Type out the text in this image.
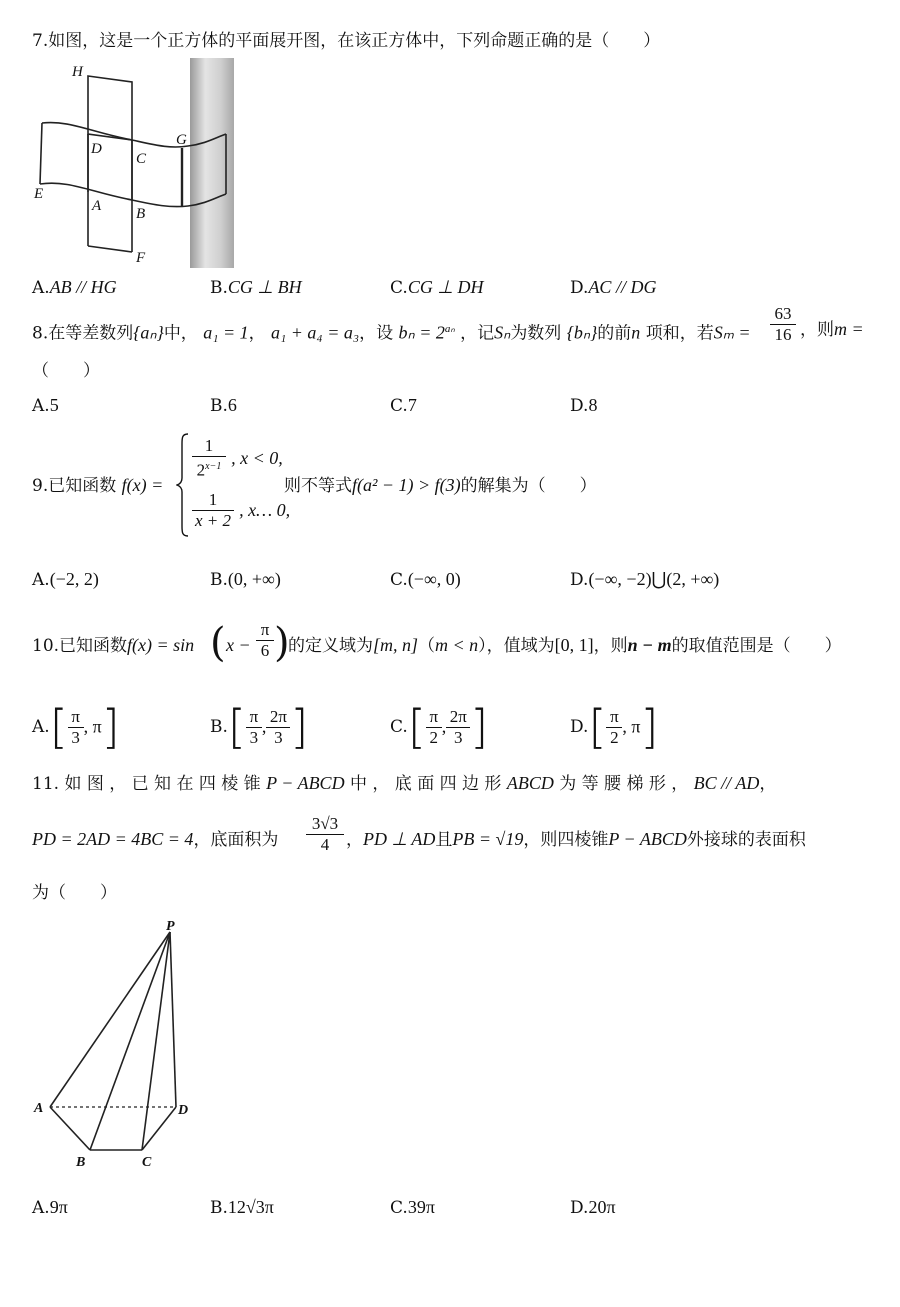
7.如图，这是一个正方体的平面展开图，在该正方体中，下列命题正确的是（　　）
H
D
C
G
E
A B
F
A.AB // HG	B.CG ⊥ BH	C.CG ⊥ DH	D.AC // DG
8.在等差数列{aₙ}中， a₁ = 1， a₁ + a₄ = a₃，设 $b_n = 2^{a_n}$ ，记Sₙ为数列 {bₙ}的前n 项和，若Sₘ =
63
16 ，则m =
（　　）
A.5	B.6	C.7	D.8
9.已知函数 f(x) =
$\frac{1}{2^{x-1}}$ , x < 0,
$\frac{1}{x + 2}$ , x… 0,
则不等式f(a² − 1) > f(3)的解集为（　　）
A.(−2, 2)	B.(0, +∞)	C.(−∞, 0)	D.(−∞, −2)⋃(2, +∞)
10.已知函数f(x) = sin ( x −
π
6 )
的定义域为[m, n]（m < n），值域为[0, 1]，则n − m的取值范围是（　　）
$A.[ \frac{\pi}{3}$ , π]	$B.[ \frac{\pi}{3}$ , $\frac{2\pi}{3}$ ]	$C.[ \frac{\pi}{2}$ , $\frac{2\pi}{3}$ ]	$D.[ \frac{\pi}{2}$ , π]
11. 如 图 ， 已 知 在 四 棱 锥 P − ABCD 中 ， 底 面 四 边 形 ABCD 为 等 腰 梯 形 ， BC // AD，
PD = 2AD = 4BC = 4，底面积为
3√3
4 ，PD ⊥ AD且PB = √19，则四棱锥P − ABCD外接球的表面积
为（　　）
P
A
B	C
D
A.9π	B.12√3π	C.39π	D.20π
